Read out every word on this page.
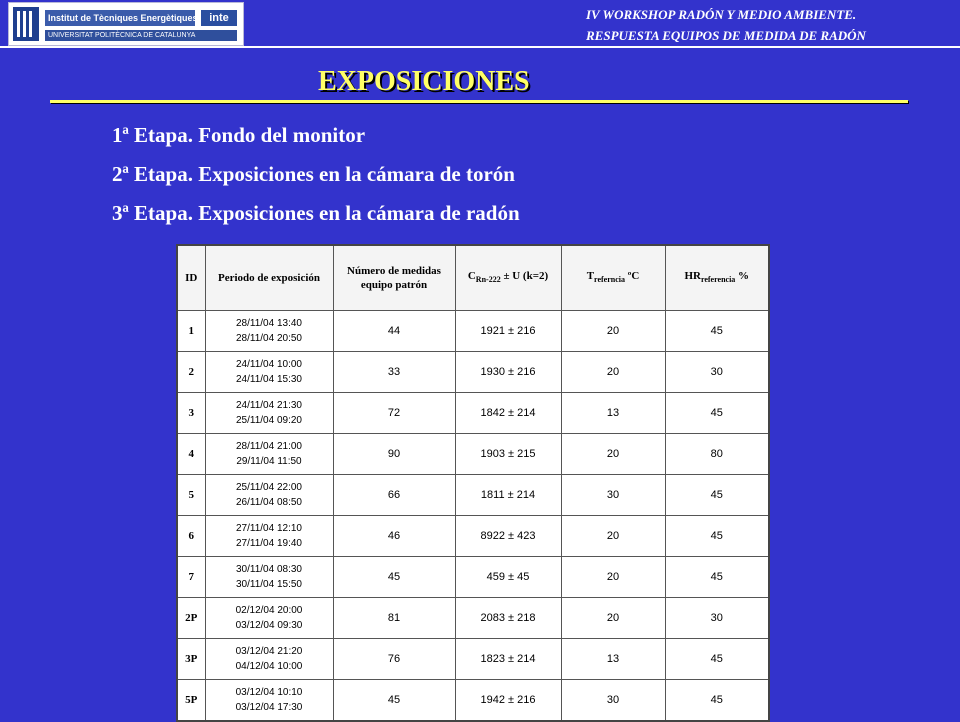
Institut de Tècniques Energètiques	inte
UNIVERSITAT POLITÈCNICA DE CATALUNYA
IV WORKSHOP RADÓN Y MEDIO AMBIENTE.
RESPUESTA EQUIPOS DE MEDIDA DE RADÓN
EXPOSICIONES
1ª Etapa. Fondo del monitor
2ª Etapa. Exposiciones en la cámara de torón
3ª Etapa. Exposiciones en la cámara de radón
ID	Periodo de exposición	Número de medidas equipo patrón	$C_{Rn-222} \pm U$ (k=2)	$T_{referncia}$ ºC	$HR_{referencia}$ %
1	28/11/04 13:40
28/11/04 20:50	44	1921 ± 216	20	45
2	24/11/04 10:00
24/11/04 15:30	33	1930 ± 216	20	30
3	24/11/04 21:30
25/11/04 09:20	72	1842 ± 214	13	45
4	28/11/04 21:00
29/11/04 11:50	90	1903 ± 215	20	80
5	25/11/04 22:00
26/11/04 08:50	66	1811 ± 214	30	45
6	27/11/04 12:10
27/11/04 19:40	46	8922 ± 423	20	45
7	30/11/04 08:30
30/11/04 15:50	45	459 ± 45	20	45
2P	02/12/04 20:00
03/12/04 09:30	81	2083 ± 218	20	30
3P	03/12/04 21:20
04/12/04 10:00	76	1823 ± 214	13	45
5P	03/12/04 10:10
03/12/04 17:30	45	1942 ± 216	30	45
